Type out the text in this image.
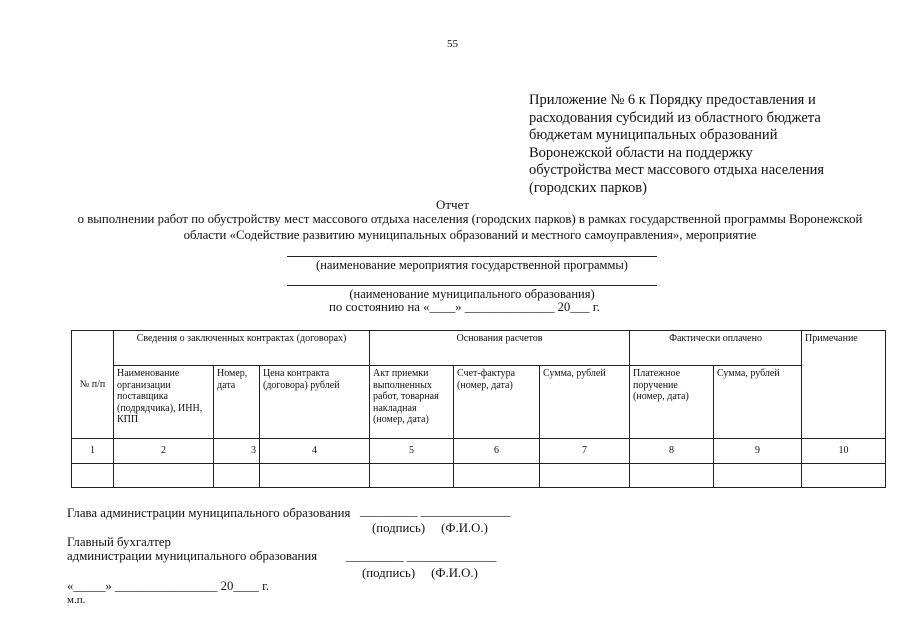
55
Приложение № 6 к Порядку предоставления и
расходования субсидий из областного бюджета
бюджетам муниципальных образований
Воронежской области на поддержку
обустройства мест массового отдыха населения
(городских парков)
Отчет
о выполнении работ по обустройству мест массового отдыха населения (городских парков) в рамках государственной программы Воронежской
области «Содействие развитию муниципальных образований и местного самоуправления», мероприятие
(наименование мероприятия государственной программы)
(наименование муниципального образования)
по состоянию на «____» ______________ 20___ г.
№ п/п	Сведения о заключенных контрактах (договорах)			Основания расчетов			Фактически оплачено		Примечание
	Наименование организации поставщика (подрядчика), ИНН, КПП	Номер, дата	Цена контракта (договора) рублей	Акт приемки выполненных работ, товарная накладная (номер, дата)	Счет-фактура (номер, дата)	Сумма, рублей	Платежное поручение (номер, дата)	Сумма, рублей	
1	2	3	4	5	6	7	8	9	10

Глава администрации муниципального образования _________ ______________
(подпись)     (Ф.И.О.)
Главный бухгалтер
администрации муниципального образования _________ ______________
(подпись)     (Ф.И.О.)
«_____» ________________ 20____ г.
м.п.
